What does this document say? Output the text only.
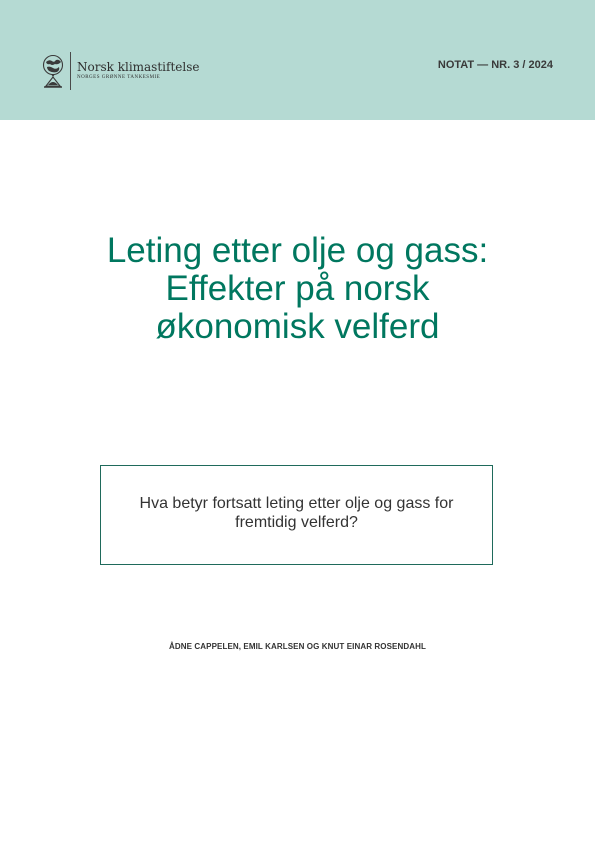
Norsk klimastiftelse
NORGES GRØNNE TANKESMIE
NOTAT — NR. 3 / 2024
Leting etter olje og gass:
Effekter på norsk
økonomisk velferd
Hva betyr fortsatt leting etter olje og gass for fremtidig velferd?
ÅDNE CAPPELEN, EMIL KARLSEN OG KNUT EINAR ROSENDAHL
